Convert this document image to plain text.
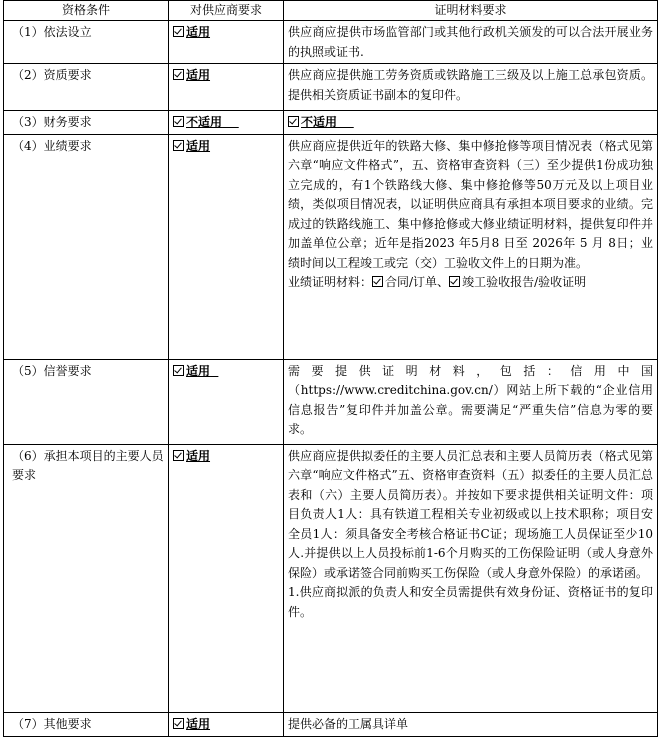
资格条件	对供应商要求	证明材料要求
（1）依法设立	适用	供应商应提供市场监管部门或其他行政机关颁发的可以合法开展业务的执照或证书.
（2）资质要求	适用	供应商应提供施工劳务资质或铁路施工三级及以上施工总承包资质。提供相关资质证书副本的复印件。
（3）财务要求	不适用	不适用
（4）业绩要求	适用	供应商应提供近年的铁路大修、集中修抢修等项目情况表（格式见第六章“响应文件格式”，五、资格审查资料（三）至少提供1份成功独立完成的，有1个铁路线大修、集中修抢修等50万元及以上项目业绩，类似项目情况表，以证明供应商具有承担本项目要求的业绩。完成过的铁路线施工、集中修抢修或大修业绩证明材料，提供复印件并加盖单位公章；近年是指2023 年5月8 日至 2026年 5 月 8日；业绩时间以工程竣工或完（交）工验收文件上的日期为准。

业绩证明材料： 合同/订单、 竣工验收报告/验收证明

（5）信誉要求	适用	需要提供证明材料，包括：信用中国（https://www.creditchina.gov.cn/）网站上所下载的“企业信用信息报告”复印件并加盖公章。需要满足“严重失信”信息为零的要求。
（6）承担本项目的主要人员要求	适用	供应商应提供拟委任的主要人员汇总表和主要人员简历表（格式见第六章“响应文件格式”五、资格审查资料（五）拟委任的主要人员汇总表和（六）主要人员简历表）。并按如下要求提供相关证明文件：项目负责人1人：具有铁道工程相关专业初级或以上技术职称；项目安全员1人：须具备安全考核合格证书C证；现场施工人员保证至少10人.并提供以上人员投标前1-6个月购买的工伤保险证明（或人身意外保险）或承诺签合同前购买工伤保险（或人身意外保险）的承诺函。

1.供应商拟派的负责人和安全员需提供有效身份证、资格证书的复印件。

（7）其他要求	适用	提供必备的工属具详单
